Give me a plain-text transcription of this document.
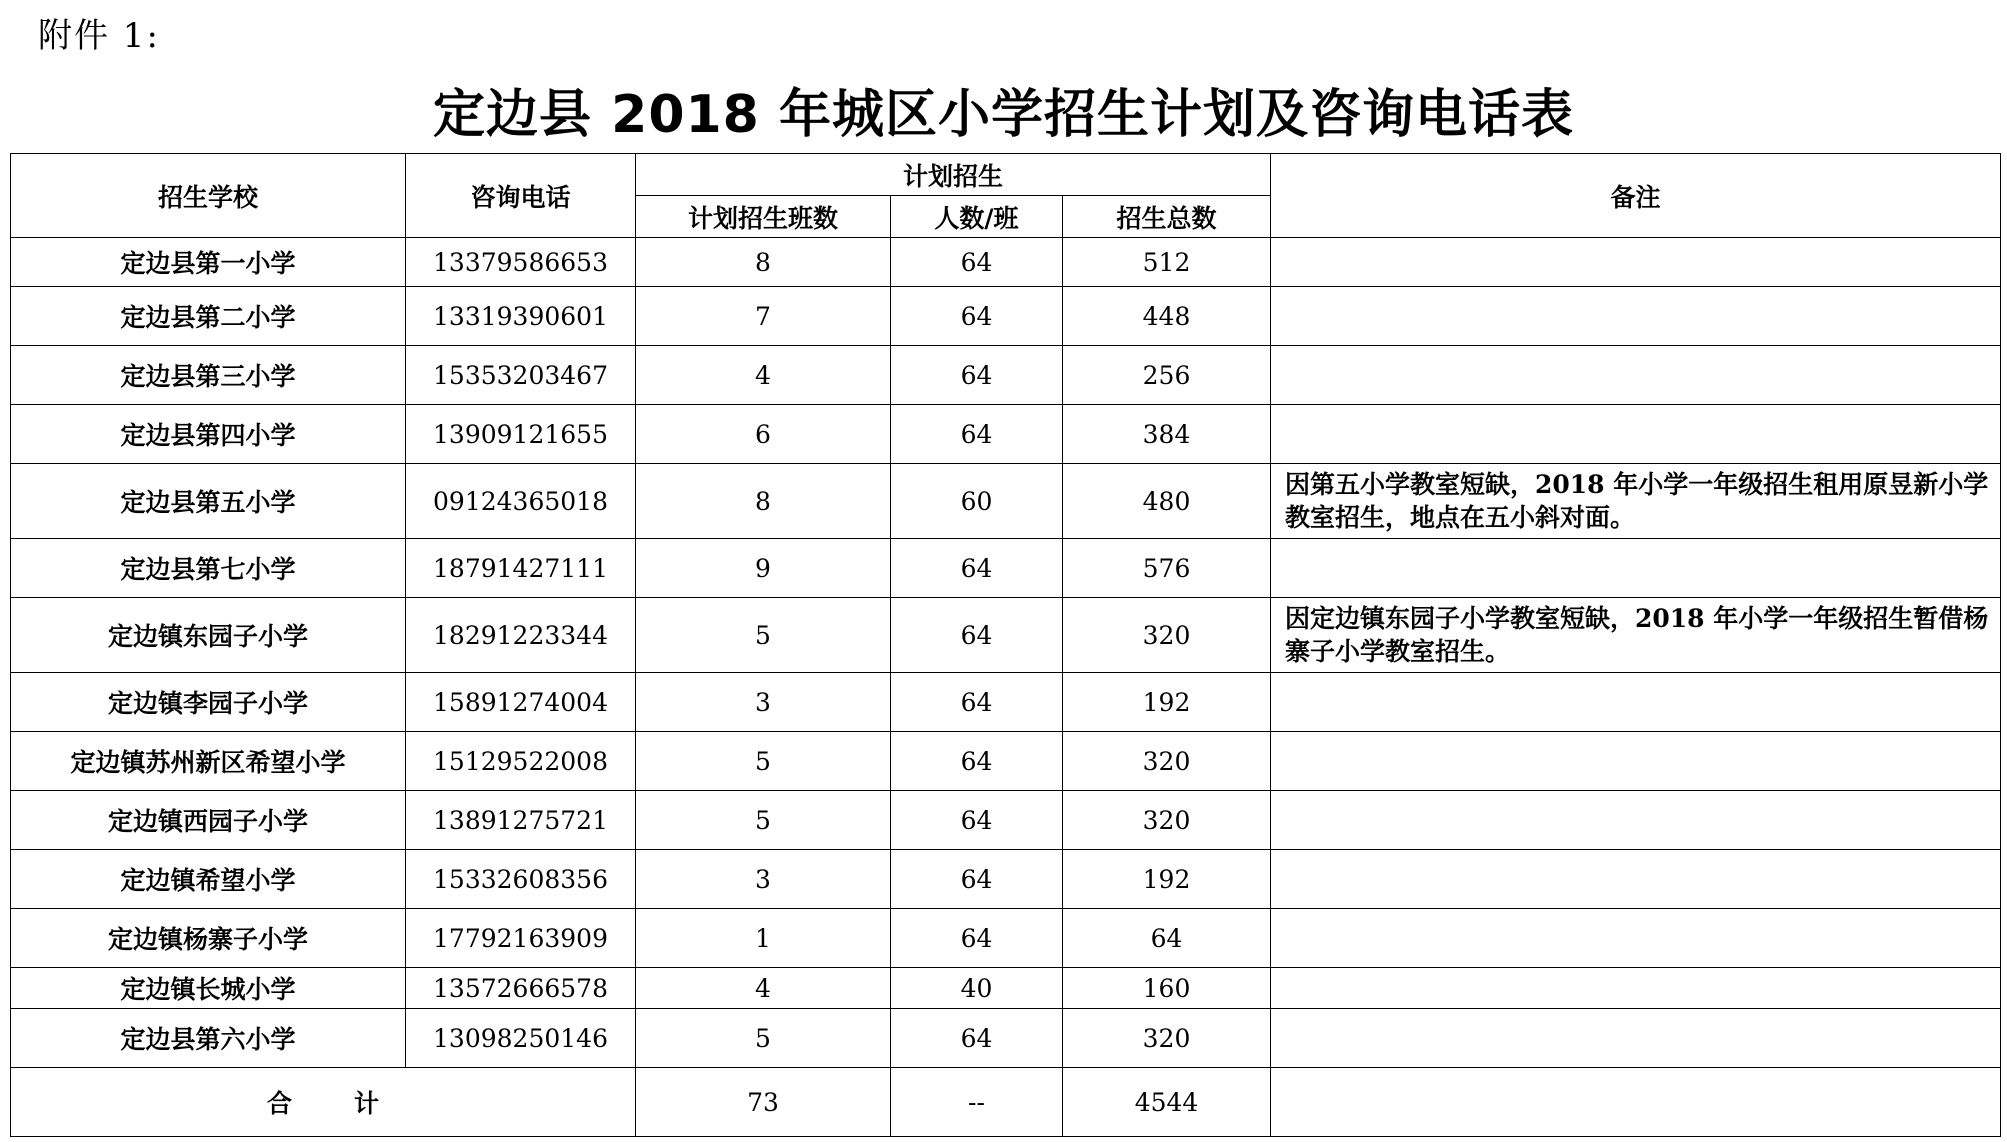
附件 1:
定边县 2018 年城区小学招生计划及咨询电话表
招生学校	咨询电话	计划招生			备注
		计划招生班数	人数/班	招生总数	
定边县第一小学	13379586653	8	64	512	
定边县第二小学	13319390601	7	64	448	
定边县第三小学	15353203467	4	64	256	
定边县第四小学	13909121655	6	64	384	
定边县第五小学	09124365018	8	60	480	因第五小学教室短缺，2018 年小学一年级招生租用原昱新小学教室招生，地点在五小斜对面。
定边县第七小学	18791427111	9	64	576	
定边镇东园子小学	18291223344	5	64	320	因定边镇东园子小学教室短缺，2018 年小学一年级招生暂借杨寨子小学教室招生。
定边镇李园子小学	15891274004	3	64	192	
定边镇苏州新区希望小学	15129522008	5	64	320	
定边镇西园子小学	13891275721	5	64	320	
定边镇希望小学	15332608356	3	64	192	
定边镇杨寨子小学	17792163909	1	64	64	
定边镇长城小学	13572666578	4	40	160	
定边县第六小学	13098250146	5	64	320	
合 计		73	--	4544	
